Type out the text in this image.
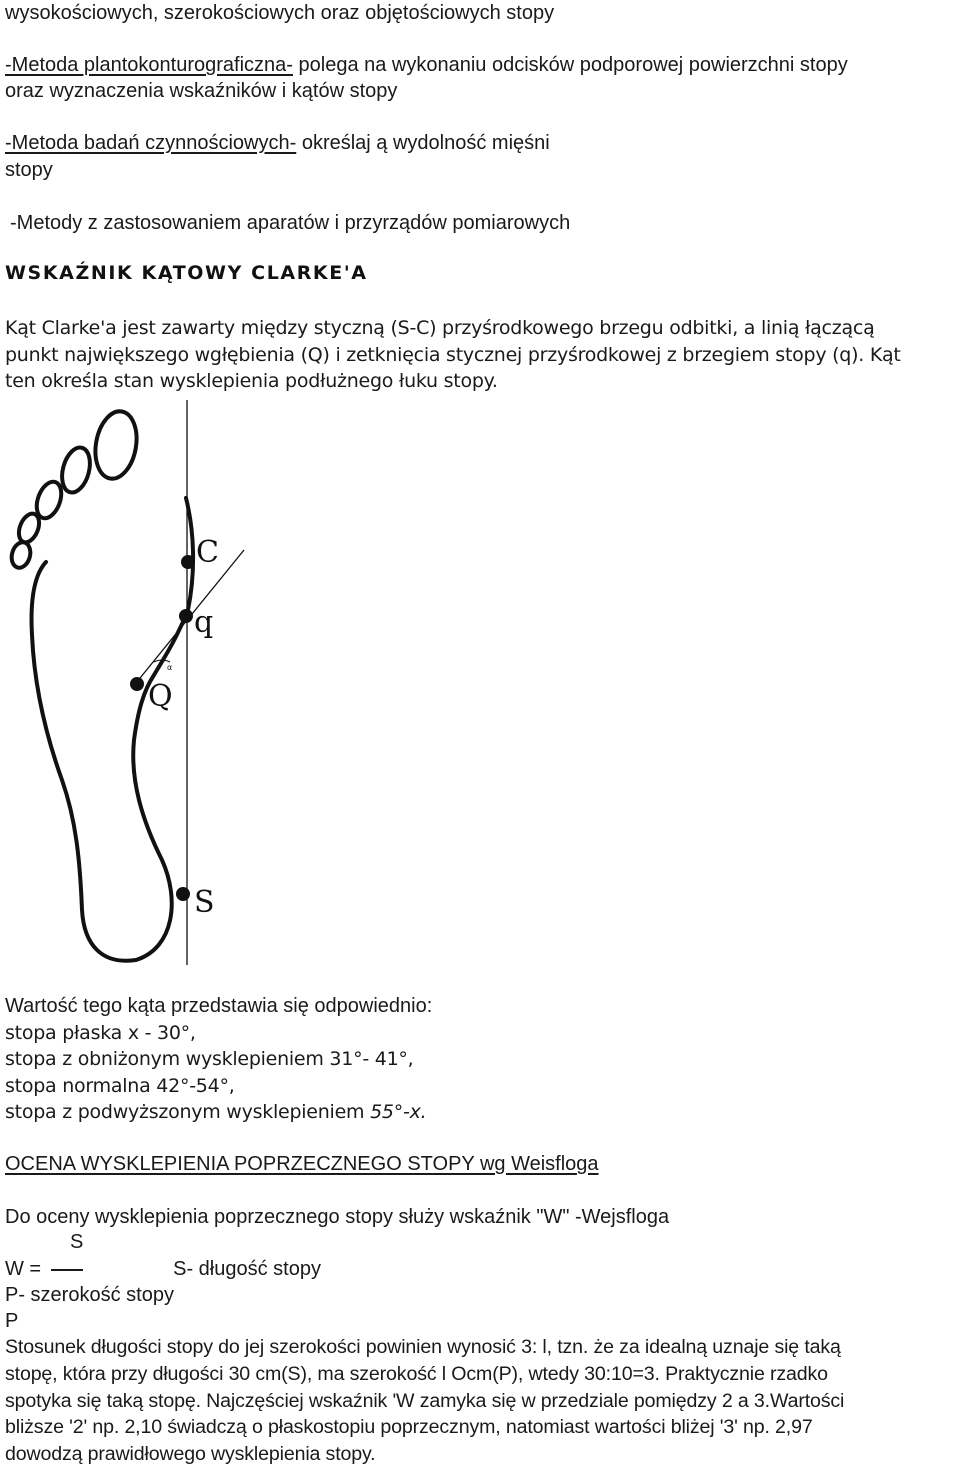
wysokościowych, szerokościowych oraz objętościowych stopy
-Metoda plantokonturograficzna- polega na wykonaniu odcisków podporowej powierzchni stopy
oraz wyznaczenia wskaźników i kątów stopy
-Metoda badań czynnościowych- określaj ą wydolność mięśni
stopy
-Metody z zastosowaniem aparatów i przyrządów pomiarowych
WSKAŹNIK KĄTOWY CLARKE'A
Kąt Clarke'a jest zawarty między styczną (S-C) przyśrodkowego brzegu odbitki, a linią łączącą
punkt największego wgłębienia (Q) i zetknięcia stycznej przyśrodkowej z brzegiem stopy (q). Kąt
ten określa stan wysklepienia podłużnego łuku stopy.
α
C
q
Q
S
Wartość tego kąta przedstawia się odpowiednio:
stopa płaska x - 30°,
stopa z obniżonym wysklepieniem 31°- 41°,
stopa normalna 42°-54°,
stopa z podwyższonym wysklepieniem 55°-x.
OCENA WYSKLEPIENIA POPRZECZNEGO STOPY wg Weisfloga
Do oceny wysklepienia poprzecznego stopy służy wskaźnik "W" -Wejsfloga
S
W =	S- długość stopy
P- szerokość stopy
P
Stosunek długości stopy do jej szerokości powinien wynosić 3: l, tzn. że za idealną uznaje się taką
stopę, która przy długości 30 cm(S), ma szerokość l Ocm(P), wtedy 30:10=3. Praktycznie rzadko
spotyka się taką stopę. Najczęściej wskaźnik 'W zamyka się w przedziale pomiędzy 2 a 3.Wartości
bliższe '2' np. 2,10 świadczą o płaskostopiu poprzecznym, natomiast wartości bliżej '3' np. 2,97
dowodzą prawidłowego wysklepienia stopy.
